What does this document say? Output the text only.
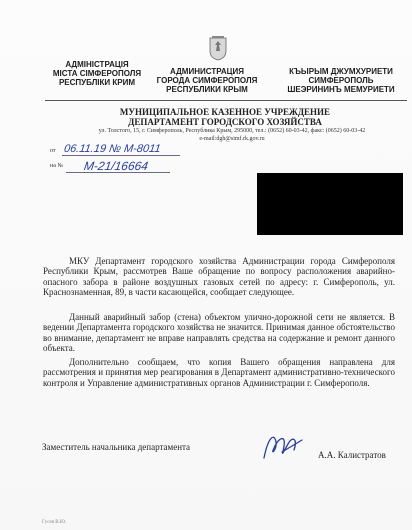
АДМІНІСТРАЦІЯ
МІСТА СІМФЕРОПОЛЯ
РЕСПУБЛІКИ КРИМ
АДМИНИСТРАЦИЯ
ГОРОДА СИМФЕРОПОЛЯ
РЕСПУБЛИКИ КРЫМ
КЪЫРЫМ ДЖУМХУРИЕТИ
СИМФЕРОПОЛЬ
ШЕЭРИНИНЪ МЕМУРИЕТИ
МУНИЦИПАЛЬНОЕ КАЗЕННОЕ УЧРЕЖДЕНИЕ
ДЕПАРТАМЕНТ ГОРОДСКОГО ХОЗЯЙСТВА
ул. Толстого, 15, г. Симферополь, Республика Крым, 295000, тел.: (0652) 60-03-42, факс: (0652) 60-03-42
e-mail:dgh@simf.rk.gov.ru
от 06.11.19 № М-8011
на № М-21/16664
МКУ Департамент городского хозяйства Администрации города Симферополя Республики Крым, рассмотрев Ваше обращение по вопросу расположения аварийно-опасного забора в районе воздушных газовых сетей по адресу: г. Симферополь, ул. Краснознаменная, 89, в части касающейся, сообщает следующее.
Данный аварийный забор (стена) объектом улично-дорожной сети не является. В ведении Департамента городского хозяйства не значится. Принимая данное обстоятельство во внимание, департамент не вправе направлять средства на содержание и ремонт данного объекта.
Дополнительно сообщаем, что копия Вашего обращения направлена для рассмотрения и принятия мер реагирования в Департамент административно-технического контроля и Управление административных органов Администрации г. Симферополя.
Заместитель начальника департамента
А.А. Калистратов
Гусев В.Ю.
